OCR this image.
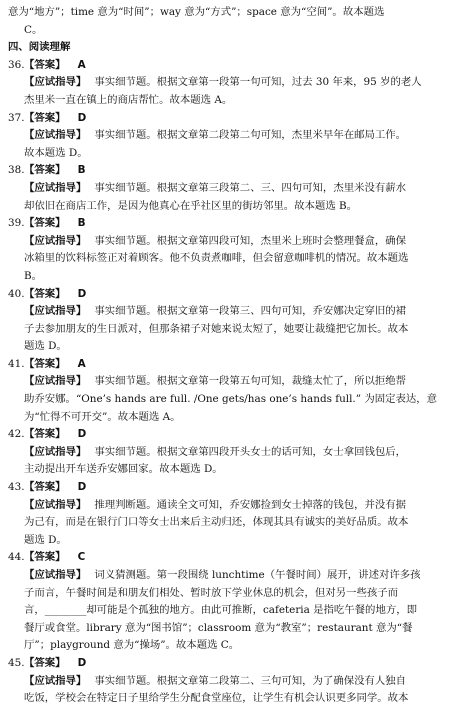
意为“地方”；time 意为“时间”；way 意为“方式”；space 意为“空间”。故本题选
C。
四、阅读理解
36.【答案】 A
【应试指导】 事实细节题。根据文章第一段第一句可知，过去 30 年来，95 岁的老人
杰里米一直在镇上的商店帮忙。故本题选 A。
37.【答案】 D
【应试指导】 事实细节题。根据文章第二段第二句可知，杰里米早年在邮局工作。
故本题选 D。
38.【答案】 B
【应试指导】 事实细节题。根据文章第三段第二、三、四句可知，杰里米没有薪水
却依旧在商店工作，是因为他真心在乎社区里的街坊邻里。故本题选 B。
39.【答案】 B
【应试指导】 事实细节题。根据文章第四段可知，杰里米上班时会整理餐盒，确保
冰箱里的饮料标签正对着顾客。他不负责煮咖啡，但会留意咖啡机的情况。故本题选
B。
40.【答案】 D
【应试指导】 事实细节题。根据文章第一段第三、四句可知，乔安娜决定穿旧的裙
子去参加朋友的生日派对，但那条裙子对她来说太短了，她要让裁缝把它加长。故本
题选 D。
41.【答案】 A
【应试指导】 事实细节题。根据文章第一段第五句可知，裁缝太忙了，所以拒绝帮
助乔安娜。“One’s hands are full. /One gets/has one’s hands full.” 为固定表达，意
为“忙得不可开交”。故本题选 A。
42.【答案】 D
【应试指导】 事实细节题。根据文章第四段开头女士的话可知，女士拿回钱包后，
主动提出开车送乔安娜回家。故本题选 D。
43.【答案】 D
【应试指导】 推理判断题。通读全文可知，乔安娜捡到女士掉落的钱包，并没有据
为己有，而是在银行门口等女士出来后主动归还，体现其具有诚实的美好品质。故本
题选 D。
44.【答案】 C
【应试指导】 词义猜测题。第一段围绕 lunchtime（午餐时间）展开，讲述对许多孩
子而言，午餐时间是和朋友们相处、暂时放下学业休息的机会，但对另一些孩子而
言，________却可能是个孤独的地方。由此可推断，cafeteria 是指吃午餐的地方，即
餐厅或食堂。library 意为“图书馆”；classroom 意为“教室”；restaurant 意为“餐
厅”；playground 意为“操场”。故本题选 C。
45.【答案】 D
【应试指导】 事实细节题。根据文章第二段第二、三句可知，为了确保没有人独自
吃饭，学校会在特定日子里给学生分配食堂座位，让学生有机会认识更多同学。故本
